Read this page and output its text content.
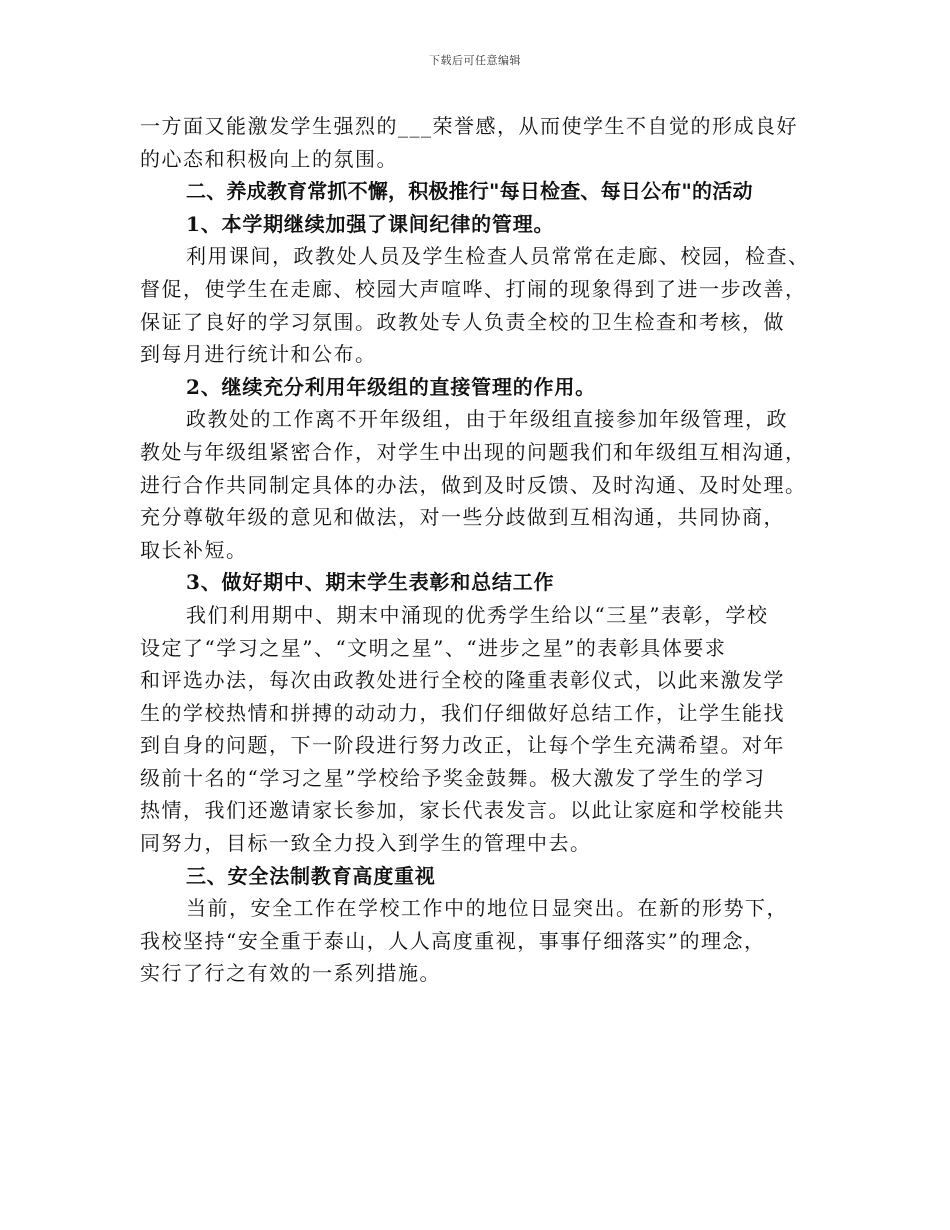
下载后可任意编辑

一方面又能激发学生强烈的___荣誉感，从而使学生不自觉的形成良好
的心态和积极向上的氛围。

二、养成教育常抓不懈，积极推行"每日检查、每日公布"的活动

1、本学期继续加强了课间纪律的管理。

利用课间，政教处人员及学生检查人员常常在走廊、校园，检查、
督促，使学生在走廊、校园大声喧哗、打闹的现象得到了进一步改善，
保证了良好的学习氛围。政教处专人负责全校的卫生检查和考核，做
到每月进行统计和公布。

2、继续充分利用年级组的直接管理的作用。

政教处的工作离不开年级组，由于年级组直接参加年级管理，政
教处与年级组紧密合作，对学生中出现的问题我们和年级组互相沟通，
进行合作共同制定具体的办法，做到及时反馈、及时沟通、及时处理。
充分尊敬年级的意见和做法，对一些分歧做到互相沟通，共同协商，
取长补短。

3、做好期中、期末学生表彰和总结工作

我们利用期中、期末中涌现的优秀学生给以“三星”表彰，学校
设定了“学习之星”、“文明之星”、“进步之星”的表彰具体要求
和评选办法，每次由政教处进行全校的隆重表彰仪式，以此来激发学
生的学校热情和拼搏的动动力，我们仔细做好总结工作，让学生能找
到自身的问题，下一阶段进行努力改正，让每个学生充满希望。对年
级前十名的“学习之星”学校给予奖金鼓舞。极大激发了学生的学习
热情，我们还邀请家长参加，家长代表发言。以此让家庭和学校能共
同努力，目标一致全力投入到学生的管理中去。

三、安全法制教育高度重视

当前，安全工作在学校工作中的地位日显突出。在新的形势下，
我校坚持“安全重于泰山，人人高度重视，事事仔细落实”的理念，
实行了行之有效的一系列措施。
